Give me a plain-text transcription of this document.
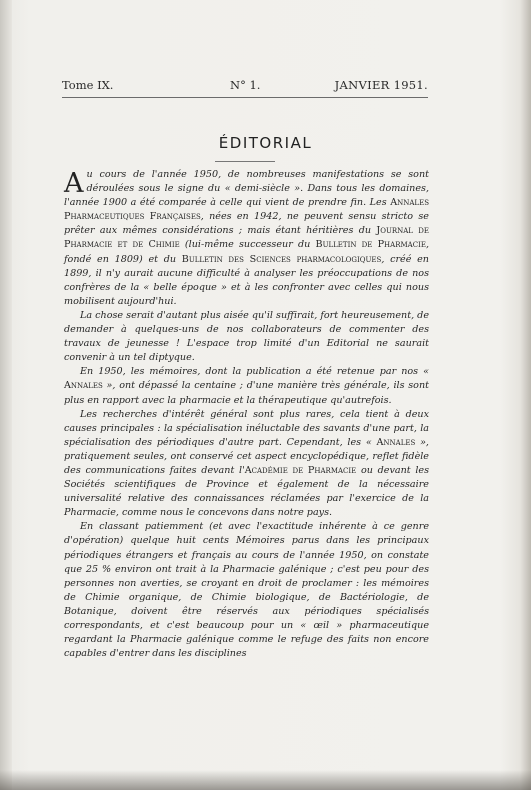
Tome IX.	N° 1.	JANVIER 1951.
ÉDITORIAL

Au cours de l'année 1950, de nombreuses manifestations se sont déroulées sous le signe du « demi-siècle ». Dans tous les domaines, l'année 1900 a été comparée à celle qui vient de prendre fin. Les Annales Pharmaceutiques Françaises, nées en 1942, ne peuvent sensu stricto se prêter aux mêmes considérations ; mais étant héritières du Journal de Pharmacie et de Chimie (lui-même successeur du Bulletin de Pharmacie, fondé en 1809) et du Bulletin des Sciences pharmacologiques, créé en 1899, il n'y aurait aucune difficulté à analyser les préoccupations de nos confrères de la « belle époque » et à les confronter avec celles qui nous mobilisent aujourd'hui.

La chose serait d'autant plus aisée qu'il suffirait, fort heureusement, de demander à quelques-uns de nos collaborateurs de commenter des travaux de jeunesse ! L'espace trop limité d'un Editorial ne saurait convenir à un tel diptyque.

En 1950, les mémoires, dont la publication a été retenue par nos « Annales », ont dépassé la centaine ; d'une manière très générale, ils sont plus en rapport avec la pharmacie et la thérapeutique qu'autrefois.

Les recherches d'intérêt général sont plus rares, cela tient à deux causes principales : la spécialisation inéluctable des savants d'une part, la spécialisation des périodiques d'autre part. Cependant, les « Annales », pratiquement seules, ont conservé cet aspect encyclopédique, reflet fidèle des communications faites devant l'Académie de Pharmacie ou devant les Sociétés scientifiques de Province et également de la nécessaire universalité relative des connaissances réclamées par l'exercice de la Pharmacie, comme nous le concevons dans notre pays.

En classant patiemment (et avec l'exactitude inhérente à ce genre d'opération) quelque huit cents Mémoires parus dans les principaux périodiques étrangers et français au cours de l'année 1950, on constate que 25 % environ ont trait à la Pharmacie galénique ; c'est peu pour des personnes non averties, se croyant en droit de proclamer : les mémoires de Chimie organique, de Chimie biologique, de Bactériologie, de Botanique, doivent être réservés aux périodiques spécialisés correspondants, et c'est beaucoup pour un « œil » pharmaceutique regardant la Pharmacie galénique comme le refuge des faits non encore capables d'entrer dans les disciplines
